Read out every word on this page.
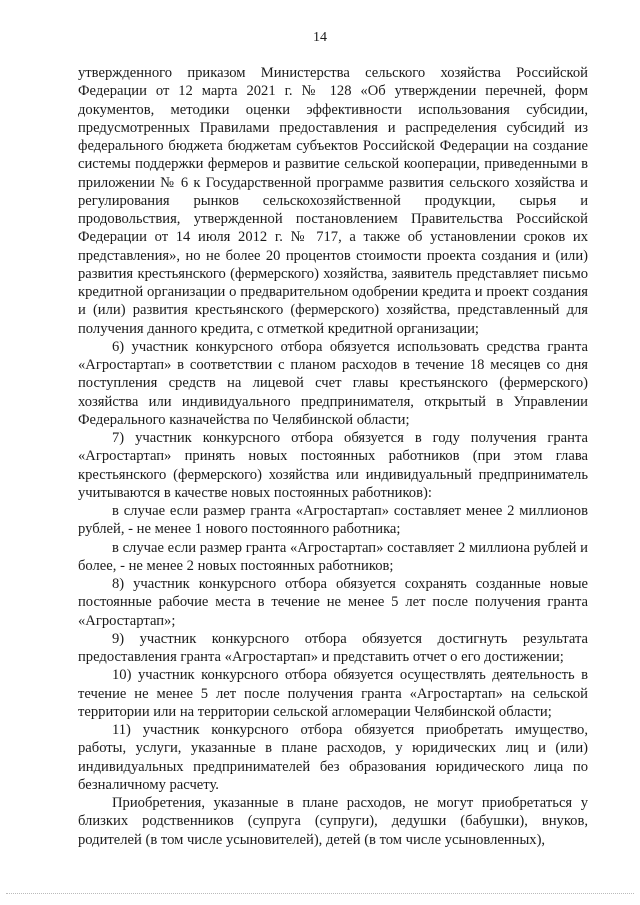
14

утвержденного приказом Министерства сельского хозяйства Российской Федерации от 12 марта 2021 г. № 128 «Об утверждении перечней, форм документов, методики оценки эффективности использования субсидии, предусмотренных Правилами предоставления и распределения субсидий из федерального бюджета бюджетам субъектов Российской Федерации на создание системы поддержки фермеров и развитие сельской кооперации, приведенными в приложении № 6 к Государственной программе развития сельского хозяйства и регулирования рынков сельскохозяйственной продукции, сырья и продовольствия, утвержденной постановлением Правительства Российской Федерации от 14 июля 2012 г. № 717, а также об установлении сроков их представления», но не более 20 процентов стоимости проекта создания и (или) развития крестьянского (фермерского) хозяйства, заявитель представляет письмо кредитной организации о предварительном одобрении кредита и проект создания и (или) развития крестьянского (фермерского) хозяйства, представленный для получения данного кредита, с отметкой кредитной организации;

6) участник конкурсного отбора обязуется использовать средства гранта «Агростартап» в соответствии с планом расходов в течение 18 месяцев со дня поступления средств на лицевой счет главы крестьянского (фермерского) хозяйства или индивидуального предпринимателя, открытый в Управлении Федерального казначейства по Челябинской области;

7) участник конкурсного отбора обязуется в году получения гранта «Агростартап» принять новых постоянных работников (при этом глава крестьянского (фермерского) хозяйства или индивидуальный предприниматель учитываются в качестве новых постоянных работников):

в случае если размер гранта «Агростартап» составляет менее 2 миллионов рублей, - не менее 1 нового постоянного работника;

в случае если размер гранта «Агростартап» составляет 2 миллиона рублей и более, - не менее 2 новых постоянных работников;

8) участник конкурсного отбора обязуется сохранять созданные новые постоянные рабочие места в течение не менее 5 лет после получения гранта «Агростартап»;

9) участник конкурсного отбора обязуется достигнуть результата предоставления гранта «Агростартап» и представить отчет о его достижении;

10) участник конкурсного отбора обязуется осуществлять деятельность в течение не менее 5 лет после получения гранта «Агростартап» на сельской территории или на территории сельской агломерации Челябинской области;

11) участник конкурсного отбора обязуется приобретать имущество, работы, услуги, указанные в плане расходов, у юридических лиц и (или) индивидуальных предпринимателей без образования юридического лица по безналичному расчету.

Приобретения, указанные в плане расходов, не могут приобретаться у близких родственников (супруга (супруги), дедушки (бабушки), внуков, родителей (в том числе усыновителей), детей (в том числе усыновленных),
